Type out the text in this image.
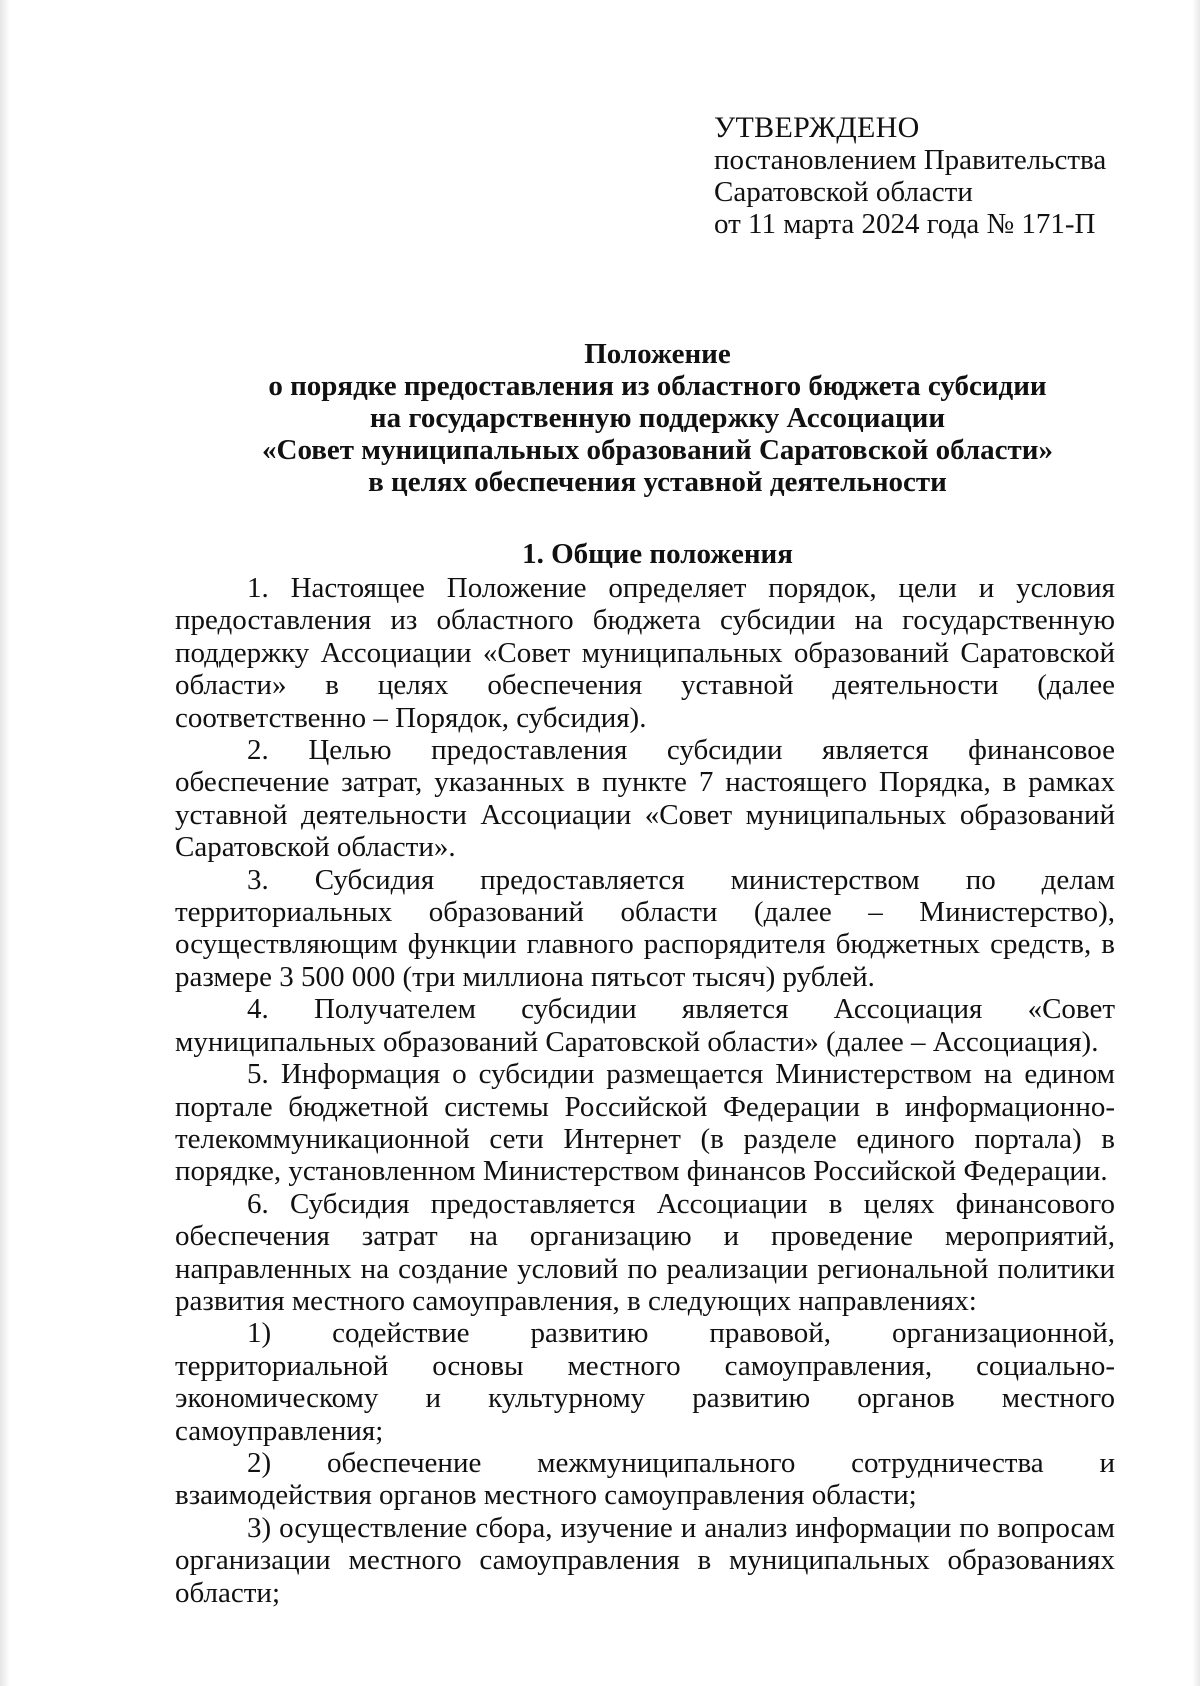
УТВЕРЖДЕНО
постановлением Правительства
Саратовской области
от 11 марта 2024 года № 171-П
Положение
о порядке предоставления из областного бюджета субсидии
на государственную поддержку Ассоциации
«Совет муниципальных образований Саратовской области»
в целях обеспечения уставной деятельности
1. Общие положения

1. Настоящее Положение определяет порядок, цели и условия предоставления из областного бюджета субсидии на государственную поддержку Ассоциации «Совет муниципальных образований Саратовской области» в целях обеспечения уставной деятельности (далее соответственно – Порядок, субсидия).

2. Целью предоставления субсидии является финансовое обеспечение затрат, указанных в пункте 7 настоящего Порядка, в рамках уставной деятельности Ассоциации «Совет муниципальных образований Саратовской области».

3. Субсидия предоставляется министерством по делам территориальных образований области (далее – Министерство), осуществляющим функции главного распорядителя бюджетных средств, в размере 3 500 000 (три миллиона пятьсот тысяч) рублей.

4. Получателем субсидии является Ассоциация «Совет муниципальных образований Саратовской области» (далее – Ассоциация).

5. Информация о субсидии размещается Министерством на едином портале бюджетной системы Российской Федерации в информационно-телекоммуникационной сети Интернет (в разделе единого портала) в порядке, установленном Министерством финансов Российской Федерации.

6. Субсидия предоставляется Ассоциации в целях финансового обеспечения затрат на организацию и проведение мероприятий, направленных на создание условий по реализации региональной политики развития местного самоуправления, в следующих направлениях:

1) содействие развитию правовой, организационной, территориальной основы местного самоуправления, социально-экономическому и культурному развитию органов местного самоуправления;

2) обеспечение межмуниципального сотрудничества и взаимодействия органов местного самоуправления области;

3) осуществление сбора, изучение и анализ информации по вопросам организации местного самоуправления в муниципальных образованиях области;
